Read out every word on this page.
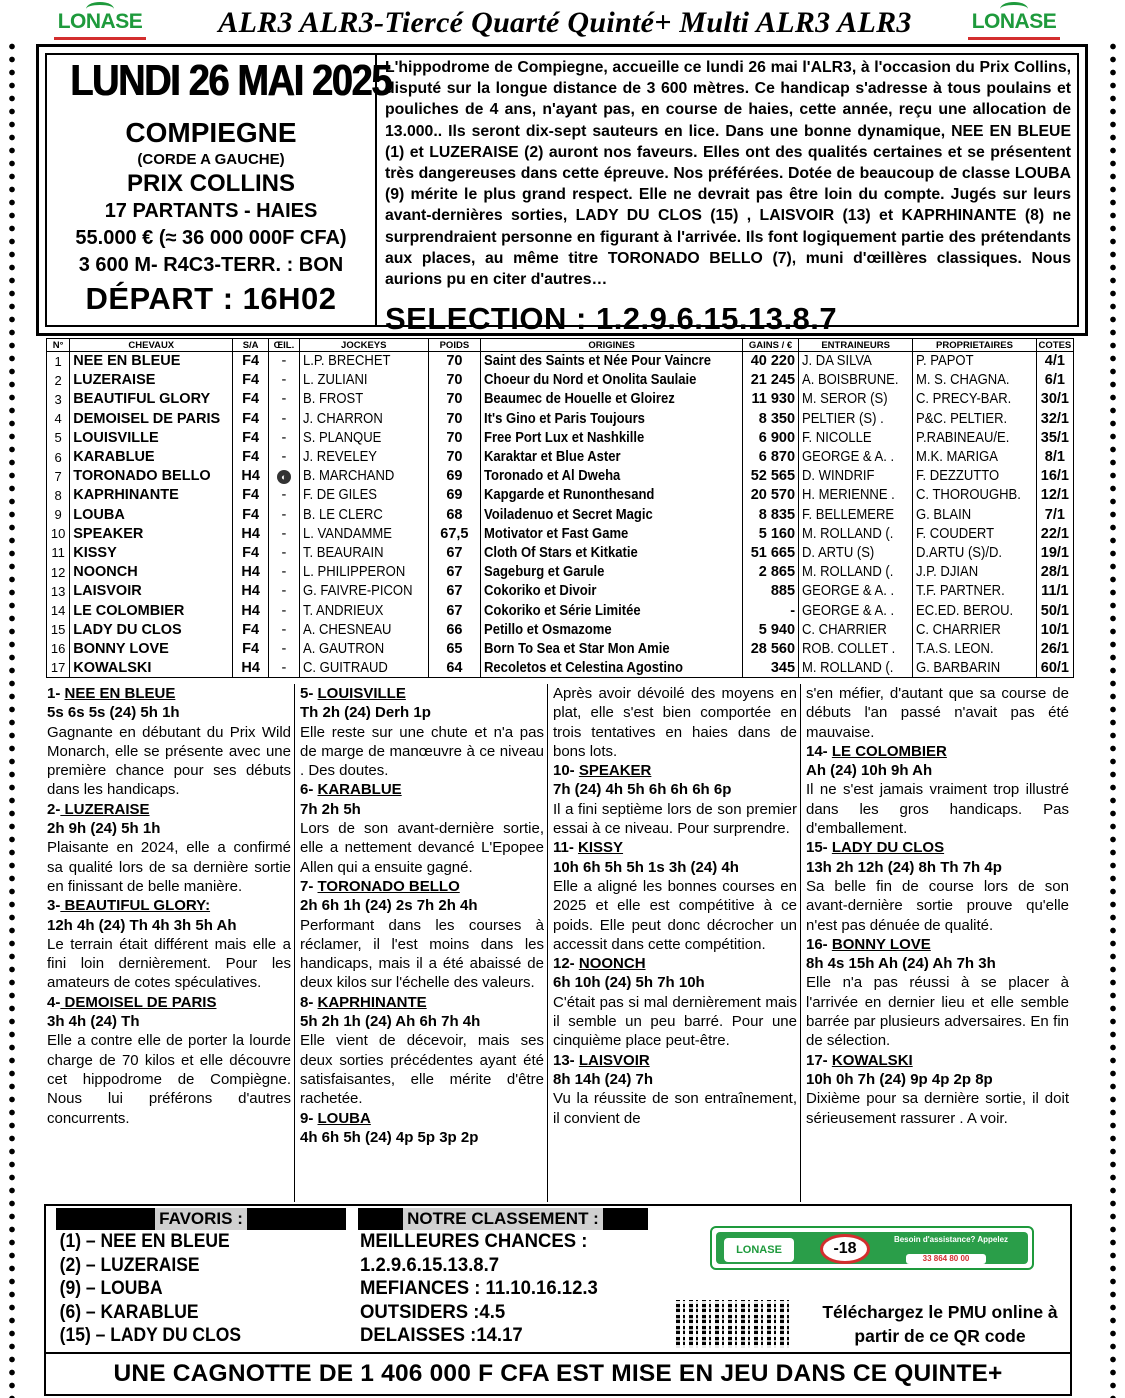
LONASE	ALR3 ALR3-Tiercé Quarté Quinté+ Multi ALR3 ALR3	LONASE
LUNDI 26 MAI 2025
COMPIEGNE
(CORDE A GAUCHE)
PRIX COLLINS
17 PARTANTS - HAIES
55.000 € (≈ 36 000 000F CFA)
3 600 M- R4C3-TERR. : BON
DÉPART : 16H02
L'hippodrome de Compiegne, accueille ce lundi 26 mai l'ALR3, à l'occasion du Prix Collins, disputé sur la longue distance de 3 600 mètres. Ce handicap s'adresse à tous poulains et pouliches de 4 ans, n'ayant pas, en course de haies, cette année, reçu une allocation de 13.000.. Ils seront dix-sept sauteurs en lice. Dans une bonne dynamique, NEE EN BLEUE (1) et LUZERAISE (2) auront nos faveurs. Elles ont des qualités certaines et se présentent très dangereuses dans cette épreuve. Nos préférées. Dotée de beaucoup de classe LOUBA (9) mérite le plus grand respect. Elle ne devrait pas être loin du compte. Jugés sur leurs avant-dernières sorties, LADY DU CLOS (15) , LAISVOIR (13) et KAPRHINANTE (8) ne surprendraient personne en figurant à l'arrivée. Ils font logiquement partie des prétendants aux places, au même titre TORONADO BELLO (7), muni d'œillères classiques. Nous aurions pu en citer d'autres…
SELECTION : 1.2.9.6.15.13.8.7
N°	CHEVAUX	S/A	ŒIL.	JOCKEYS	POIDS	ORIGINES	GAINS / €	ENTRAINEURS	PROPRIETAIRES	COTES
1	NEE EN BLEUE	F4	-	L.P. BRECHET	70	Saint des Saints et Née Pour Vaincre	40 220	J. DA SILVA	P. PAPOT	4/1
2	LUZERAISE	F4	-	L. ZULIANI	70	Choeur du Nord et Onolita Saulaie	21 245	A. BOISBRUNE.	M. S. CHAGNA.	6/1
3	BEAUTIFUL GLORY	F4	-	B. FROST	70	Beaumec de Houelle et Gloirez	11 930	M. SEROR (S)	C. PRECY-BAR.	30/1
4	DEMOISEL DE PARIS	F4	-	J. CHARRON	70	It's Gino et Paris Toujours	8 350	PELTIER (S) .	P&C. PELTIER.	32/1
5	LOUISVILLE	F4	-	S. PLANQUE	70	Free Port Lux et Nashkille	6 900	F. NICOLLE	P.RABINEAU/E.	35/1
6	KARABLUE	F4	-	J. REVELEY	70	Karaktar et Blue Aster	6 870	GEORGE & A. .	M.K. MARIGA	8/1
7	TORONADO BELLO	H4	◐	B. MARCHAND	69	Toronado et Al Dweha	52 565	D. WINDRIF	F. DEZZUTTO	16/1
8	KAPRHINANTE	F4	-	F. DE GILES	69	Kapgarde et Runonthesand	20 570	H. MERIENNE .	C. THOROUGHB.	12/1
9	LOUBA	F4	-	B. LE CLERC	68	Voiladenuo et Secret Magic	8 835	F. BELLEMERE	G. BLAIN	7/1
10	SPEAKER	H4	-	L. VANDAMME	67,5	Motivator et Fast Game	5 160	M. ROLLAND (.	F. COUDERT	22/1
11	KISSY	F4	-	T. BEAURAIN	67	Cloth Of Stars et Kitkatie	51 665	D. ARTU (S)	D.ARTU (S)/D.	19/1
12	NOONCH	H4	-	L. PHILIPPERON	67	Sageburg et Garule	2 865	M. ROLLAND (.	J.P. DJIAN	28/1
13	LAISVOIR	H4	-	G. FAIVRE-PICON	67	Cokoriko et Divoir	885	GEORGE & A. .	T.F. PARTNER.	11/1
14	LE COLOMBIER	H4	-	T. ANDRIEUX	67	Cokoriko et Série Limitée	-	GEORGE & A. .	EC.ED. BEROU.	50/1
15	LADY DU CLOS	F4	-	A. CHESNEAU	66	Petillo et Osmazome	5 940	C. CHARRIER	C. CHARRIER	10/1
16	BONNY LOVE	F4	-	A. GAUTRON	65	Born To Sea et Star Mon Amie	28 560	ROB. COLLET .	T.A.S. LEON.	26/1
17	KOWALSKI	H4	-	C. GUITRAUD	64	Recoletos et Celestina Agostino	345	M. ROLLAND (.	G. BARBARIN	60/1
1- NEE EN BLEUE
5s 6s 5s (24) 5h 1h
Gagnante en débutant du Prix Wild Monarch, elle se présente avec une première chance pour ses débuts dans les handicaps.
2- LUZERAISE
2h 9h (24) 5h 1h
Plaisante en 2024, elle a confirmé sa qualité lors de sa dernière sortie en finissant de belle manière.
3- BEAUTIFUL GLORY:
12h 4h (24) Th 4h 3h 5h Ah
Le terrain était différent mais elle a fini loin dernièrement. Pour les amateurs de cotes spéculatives.
4- DEMOISEL DE PARIS
3h 4h (24) Th
Elle a contre elle de porter la lourde charge de 70 kilos et elle découvre cet hippodrome de Compiègne. Nous lui préférons d'autres concurrents.
5- LOUISVILLE
Th 2h (24) Derh 1p
Elle reste sur une chute et n'a pas de marge de manœuvre à ce niveau . Des doutes.
6- KARABLUE
7h 2h 5h
Lors de son avant-dernière sortie, elle a nettement devancé L'Epopee Allen qui a ensuite gagné.
7- TORONADO BELLO
2h 6h 1h (24) 2s 7h 2h 4h
Performant dans les courses à réclamer, il l'est moins dans les handicaps, mais il a été abaissé de deux kilos sur l'échelle des valeurs.
8- KAPRHINANTE
5h 2h 1h (24) Ah 6h 7h 4h
Elle vient de décevoir, mais ses deux sorties précédentes ayant été satisfaisantes, elle mérite d'être rachetée.
9- LOUBA
4h 6h 5h (24) 4p 5p 3p 2p
Après avoir dévoilé des moyens en plat, elle s'est bien comportée en trois tentatives en haies dans de bons lots.
10- SPEAKER
7h (24) 4h 5h 6h 6h 6h 6p
Il a fini septième lors de son premier essai à ce niveau. Pour surprendre.
11- KISSY
10h 6h 5h 5h 1s 3h (24) 4h
Elle a aligné les bonnes courses en 2025 et elle est compétitive à ce poids. Elle peut donc décrocher un accessit dans cette compétition.
12- NOONCH
6h 10h (24) 5h 7h 10h
C'était pas si mal dernièrement mais il semble un peu barré. Pour une cinquième place peut-être.
13- LAISVOIR
8h 14h (24) 7h
Vu la réussite de son entraînement, il convient de
s'en méfier, d'autant que sa course de débuts l'an passé n'avait pas été mauvaise.
14- LE COLOMBIER
Ah (24) 10h 9h Ah
Il ne s'est jamais vraiment trop illustré dans les gros handicaps. Pas d'emballement.
15- LADY DU CLOS
13h 2h 12h (24) 8h Th 7h 4p
Sa belle fin de course lors de son avant-dernière sortie prouve qu'elle n'est pas dénuée de qualité.
16- BONNY LOVE
8h 4s 15h Ah (24) Ah 7h 3h
Elle n'a pas réussi à se placer à l'arrivée en dernier lieu et elle semble barrée par plusieurs adversaires. En fin de sélection.
17- KOWALSKI
10h 0h 7h (24) 9p 4p 2p 8p
Dixième pour sa dernière sortie, il doit sérieusement rassurer . A voir.
FAVORIS :
(1) – NEE EN BLEUE
(2) – LUZERAISE
(9) – LOUBA
(6) – KARABLUE
(15) – LADY DU CLOS
NOTRE CLASSEMENT :
MEILLEURES CHANCES :
1.2.9.6.15.13.8.7
MEFIANCES : 11.10.16.12.3
OUTSIDERS :4.5
DELAISSES :14.17
LONASE	-18
Besoin d'assistance? Appelez
33 864 80 00
Téléchargez le PMU online à partir de ce QR code
UNE CAGNOTTE DE 1 406 000 F CFA EST MISE EN JEU DANS CE QUINTE+
